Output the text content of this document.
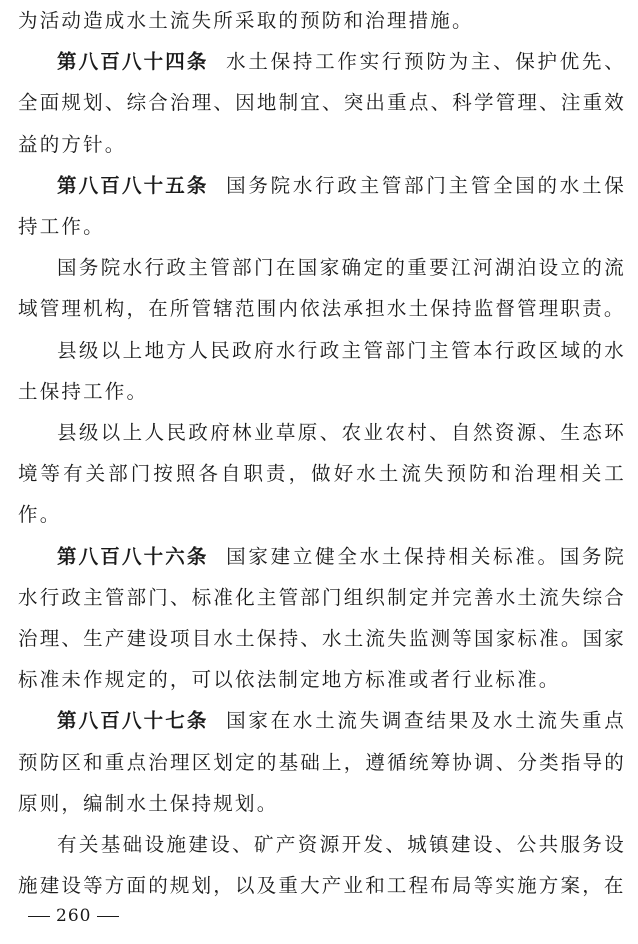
为活动造成水土流失所采取的预防和治理措施。

第八百八十四条 水土保持工作实行预防为主、保护优先、全面规划、综合治理、因地制宜、突出重点、科学管理、注重效益的方针。

第八百八十五条 国务院水行政主管部门主管全国的水土保持工作。

国务院水行政主管部门在国家确定的重要江河湖泊设立的流域管理机构，在所管辖范围内依法承担水土保持监督管理职责。

县级以上地方人民政府水行政主管部门主管本行政区域的水土保持工作。

县级以上人民政府林业草原、农业农村、自然资源、生态环境等有关部门按照各自职责，做好水土流失预防和治理相关工作。

第八百八十六条 国家建立健全水土保持相关标准。国务院水行政主管部门、标准化主管部门组织制定并完善水土流失综合治理、生产建设项目水土保持、水土流失监测等国家标准。国家标准未作规定的，可以依法制定地方标准或者行业标准。

第八百八十七条 国家在水土流失调查结果及水土流失重点预防区和重点治理区划定的基础上，遵循统筹协调、分类指导的原则，编制水土保持规划。

有关基础设施建设、矿产资源开发、城镇建设、公共服务设施建设等方面的规划，以及重大产业和工程布局等实施方案，在

260
